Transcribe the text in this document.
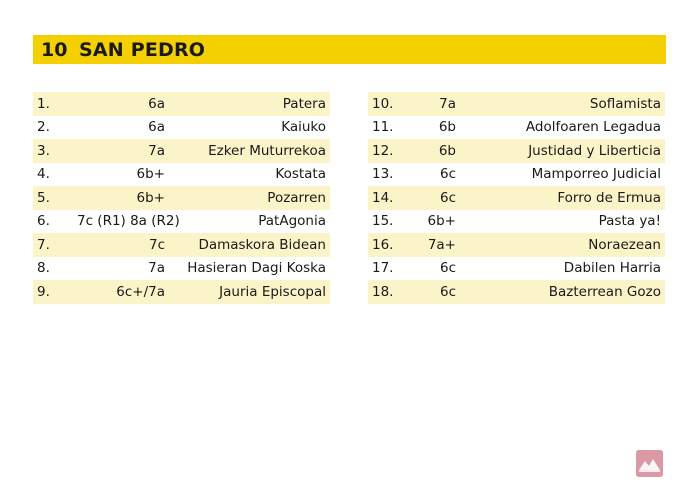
10 SAN PEDRO
1.	6a	Patera
2.	6a	Kaiuko
3.	7a	Ezker Muturrekoa
4.	6b+	Kostata
5.	6b+	Pozarren
6.	7c (R1) 8a (R2)	PatAgonia
7.	7c	Damaskora Bidean
8.	7a	Hasieran Dagi Koska
9.	6c+/7a	Jauria Episcopal
10.	7a	Soflamista
11.	6b	Adolfoaren Legadua
12.	6b	Justidad y Liberticia
13.	6c	Mamporreo Judicial
14.	6c	Forro de Ermua
15.	6b+	Pasta ya!
16.	7a+	Noraezean
17.	6c	Dabilen Harria
18.	6c	Bazterrean Gozo
